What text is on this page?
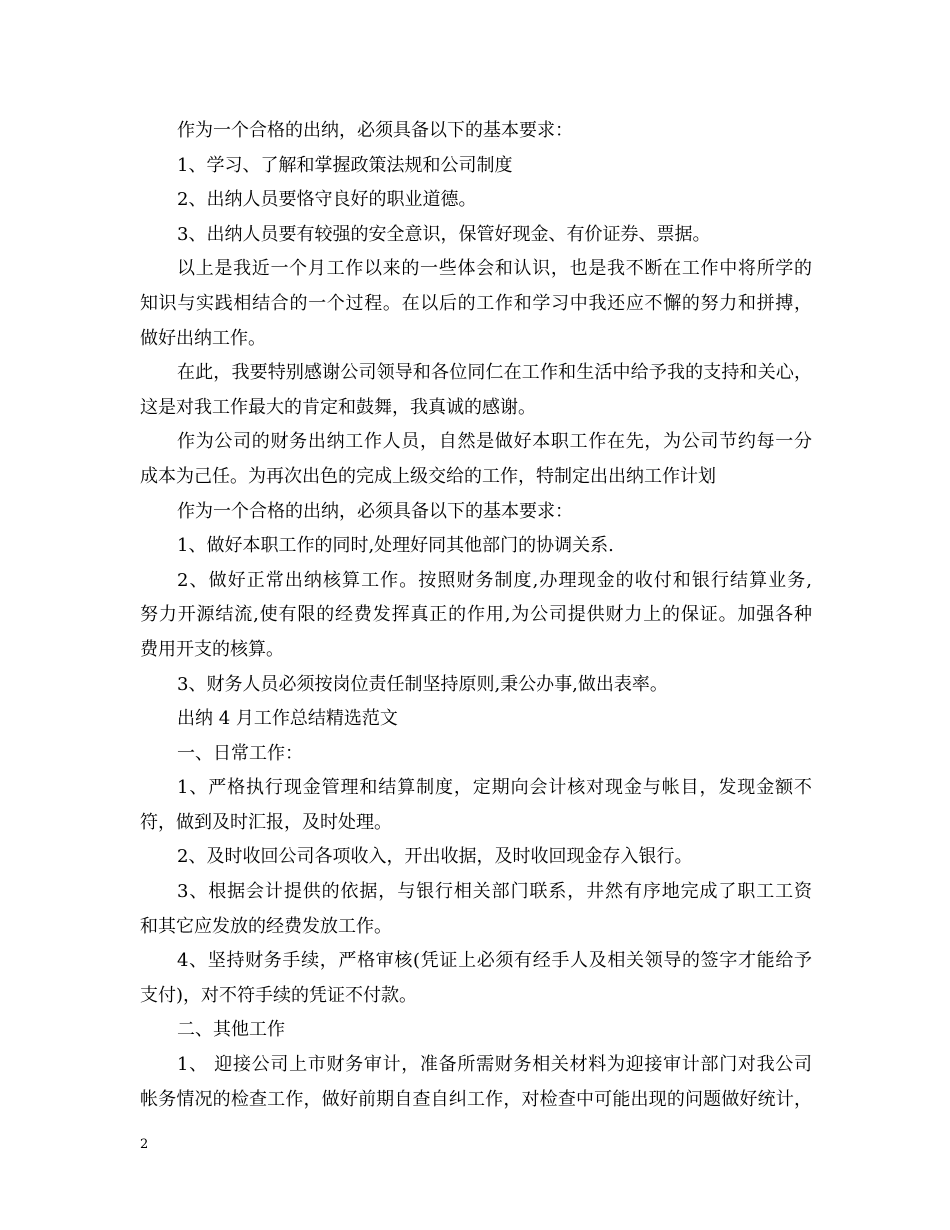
作为一个合格的出纳，必须具备以下的基本要求：

1、学习、了解和掌握政策法规和公司制度

2、出纳人员要恪守良好的职业道德。

3、出纳人员要有较强的安全意识，保管好现金、有价证券、票据。

以上是我近一个月工作以来的一些体会和认识，也是我不断在工作中将所学的

知识与实践相结合的一个过程。在以后的工作和学习中我还应不懈的努力和拼搏，

做好出纳工作。

在此，我要特别感谢公司领导和各位同仁在工作和生活中给予我的支持和关心，

这是对我工作最大的肯定和鼓舞，我真诚的感谢。

作为公司的财务出纳工作人员，自然是做好本职工作在先，为公司节约每一分

成本为己任。为再次出色的完成上级交给的工作，特制定出出纳工作计划

作为一个合格的出纳，必须具备以下的基本要求：

1、做好本职工作的同时,处理好同其他部门的协调关系.

2、做好正常出纳核算工作。按照财务制度,办理现金的收付和银行结算业务,

努力开源结流,使有限的经费发挥真正的作用,为公司提供财力上的保证。加强各种

费用开支的核算。

3、财务人员必须按岗位责任制坚持原则,秉公办事,做出表率。

出纳 4 月工作总结精选范文

一、日常工作：

1、严格执行现金管理和结算制度，定期向会计核对现金与帐目，发现金额不

符，做到及时汇报，及时处理。

2、及时收回公司各项收入，开出收据，及时收回现金存入银行。

3、根据会计提供的依据，与银行相关部门联系，井然有序地完成了职工工资

和其它应发放的经费发放工作。

4、坚持财务手续，严格审核(凭证上必须有经手人及相关领导的签字才能给予

支付)，对不符手续的凭证不付款。

二、其他工作

1、 迎接公司上市财务审计，准备所需财务相关材料为迎接审计部门对我公司

帐务情况的检查工作，做好前期自查自纠工作，对检查中可能出现的问题做好统计，

2
